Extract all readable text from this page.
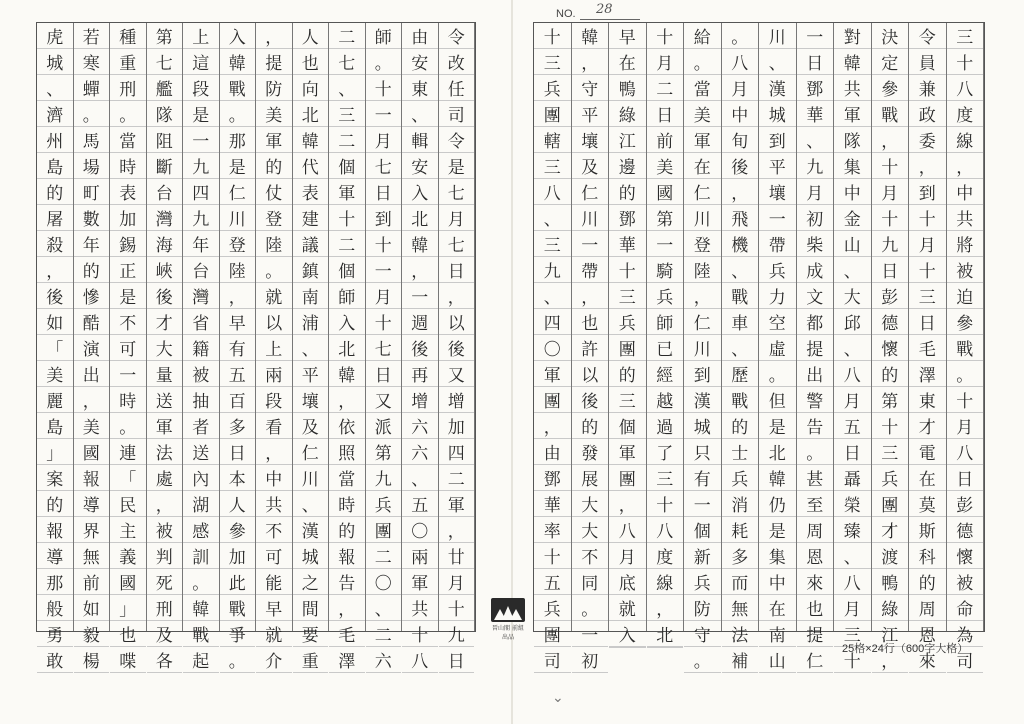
NO. 28
三
十
八
度
線
，
中
共
將
被
迫
參
戰
。
十
月
八
日
彭
德
懷
被
命
為
司
令
員
兼
政
委
，
到
十
月
十
三
日
毛
澤
東
才
電
在
莫
斯
科
的
周
恩
來
決
定
參
戰
，
十
月
十
九
日
彭
德
懷
的
第
十
三
兵
團
才
渡
鴨
綠
江
，
對
韓
共
軍
隊
集
中
金
山
、
大
邱
、
八
月
五
日
聶
榮
臻
、
八
月
三
十
一
日
鄧
華
、
九
月
初
柴
成
文
都
提
出
警
告
。
甚
至
周
恩
來
也
提
仁
川
、
漢
城
到
平
壤
一
帶
兵
力
空
虛
。
但
是
北
韓
仍
是
集
中
在
南
山
。
八
月
中
旬
後
，
飛
機
、
戰
車
、
歷
戰
的
士
兵
消
耗
多
而
無
法
補
給
。
當
美
軍
在
仁
川
登
陸
，
仁
川
到
漢
城
只
有
一
個
新
兵
防
守
。
十
月
二
日
前
美
國
第
一
騎
兵
師
已
經
越
過
了
三
十
八
度
線
，
北
早
在
鴨
綠
江
邊
的
鄧
華
十
三
兵
團
的
三
個
軍
團
，
八
月
底
就
入
韓
，
守
平
壤
及
仁
川
一
帶
，
也
許
以
後
的
發
展
大
大
不
同
。
一
初
十
三
兵
團
轄
三
八
、
三
九
、
四
〇
軍
團
，
由
鄧
華
率
十
五
兵
團
司
令
改
任
司
令
是
七
月
七
日
，
以
後
又
增
加
四
二
軍
，
廿
月
十
九
日
由
安
東
、
輯
安
入
北
韓
，
一
週
後
再
增
六
六
、
五
〇
兩
軍
共
十
八
師
。
十
一
月
七
日
到
十
一
月
十
七
日
又
派
第
九
兵
團
二
〇
、
二
六
二
七
、
三
二
個
軍
十
二
個
師
入
北
韓
，
依
照
當
時
的
報
告
，
毛
澤
人
也
向
北
韓
代
表
建
議
鎮
南
浦
、
平
壤
及
仁
川
、
漢
城
之
間
要
重
，
提
防
美
軍
的
仗
登
陸
。
就
以
上
兩
段
看
，
中
共
不
可
能
早
就
介
入
韓
戰
。
那
是
仁
川
登
陸
，
早
有
五
百
多
日
本
人
參
加
此
戰
爭
。
上
這
段
是
一
九
四
九
年
台
灣
省
籍
被
抽
者
送
內
湖
感
訓
。
韓
戰
起
第
七
艦
隊
阻
斷
台
灣
海
峽
後
才
大
量
送
軍
法
處
，
被
判
死
刑
及
各
種
重
刑
。
當
時
表
加
錫
正
是
不
可
一
時
。
連
「
民
主
義
國
」
也
喋
若
寒
蟬
。
馬
場
町
數
年
的
慘
酷
演
出
，
美
國
報
導
界
無
前
如
毅
楊
虎
城
、
濟
州
島
的
屠
殺
，
後
如
「
美
麗
島
」
案
的
報
導
那
般
勇
敢
晉山閣 前組出品
25格×24行（600字大格）
⌄
